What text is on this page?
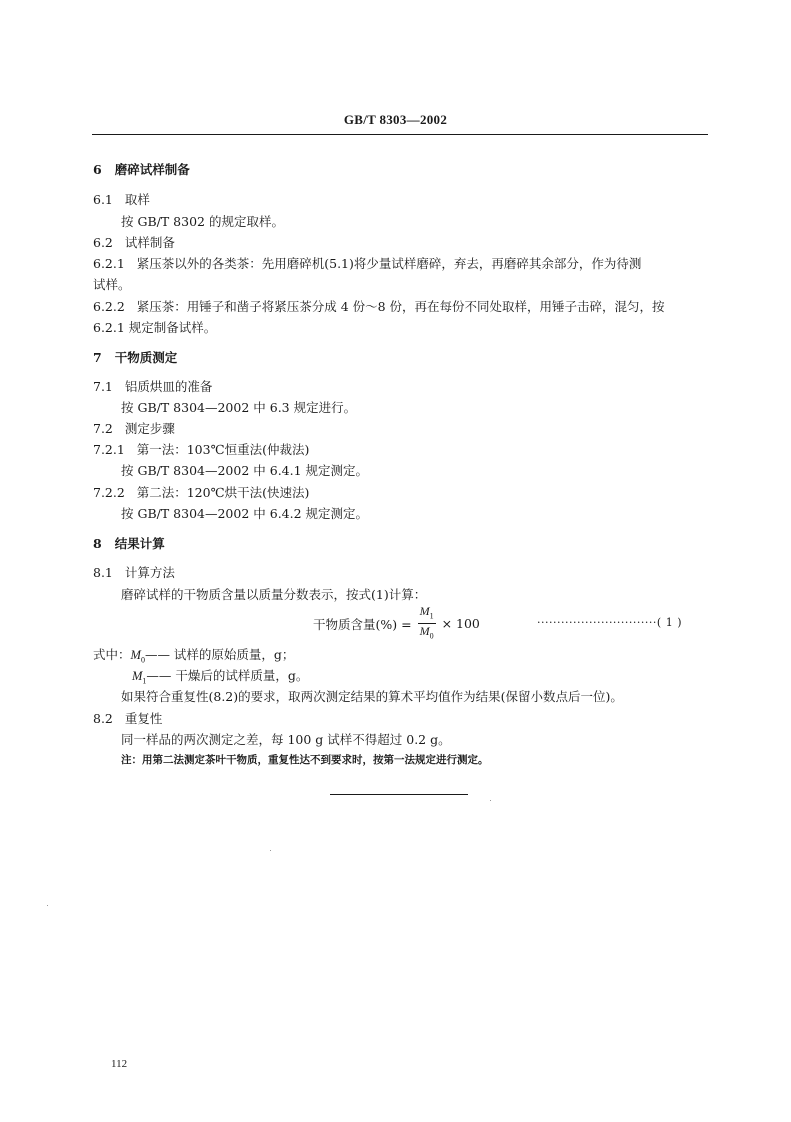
GB/T 8303—2002
6 磨碎试样制备
6.1 取样
按 GB/T 8302 的规定取样。
6.2 试样制备
6.2.1 紧压茶以外的各类茶：先用磨碎机(5.1)将少量试样磨碎，弃去，再磨碎其余部分，作为待测
试样。
6.2.2 紧压茶：用锤子和凿子将紧压茶分成 4 份～8 份，再在每份不同处取样，用锤子击碎，混匀，按
6.2.1 规定制备试样。
7 干物质测定
7.1 铝质烘皿的准备
按 GB/T 8304—2002 中 6.3 规定进行。
7.2 测定步骤
7.2.1 第一法：103℃恒重法(仲裁法)
按 GB/T 8304—2002 中 6.4.1 规定测定。
7.2.2 第二法：120℃烘干法(快速法)
按 GB/T 8304—2002 中 6.4.2 规定测定。
8 结果计算
8.1 计算方法
磨碎试样的干物质含量以质量分数表示，按式(1)计算：
干物质含量(%) = $\frac{M_1}{M_0} \times 100$	······························( 1 )
式中：$M_0——$ 试样的原始质量，g；
$M_1——$ 干燥后的试样质量，g。
如果符合重复性(8.2)的要求，取两次测定结果的算术平均值作为结果(保留小数点后一位)。
8.2 重复性
同一样品的两次测定之差，每 100 g 试样不得超过 0.2 g。
注：用第二法测定茶叶干物质，重复性达不到要求时，按第一法规定进行测定。
112
